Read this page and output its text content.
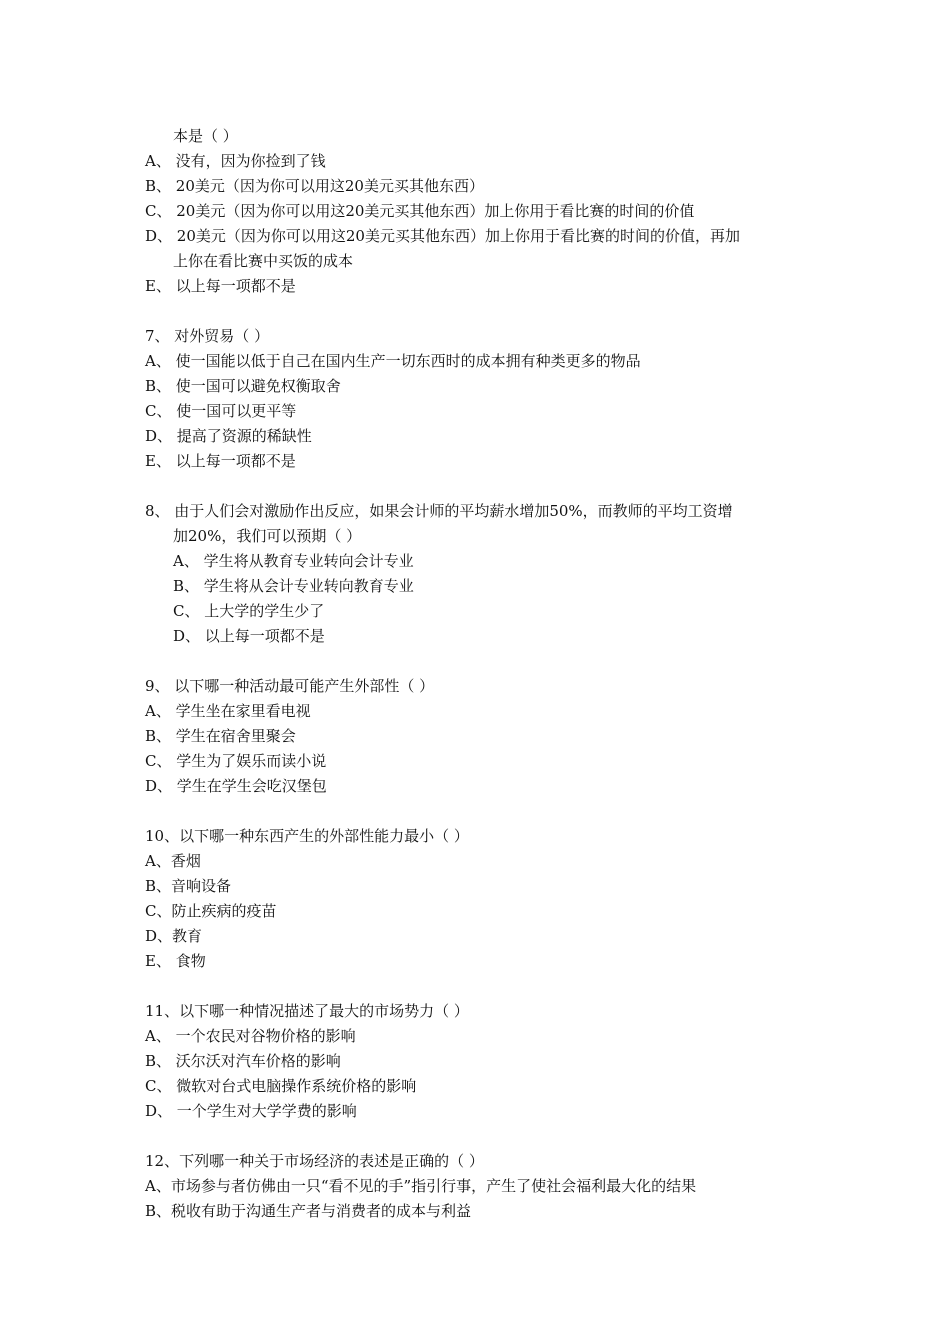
本是（ ）
A、 没有，因为你捡到了钱
B、 20美元（因为你可以用这20美元买其他东西）
C、 20美元（因为你可以用这20美元买其他东西）加上你用于看比赛的时间的价值
D、 20美元（因为你可以用这20美元买其他东西）加上你用于看比赛的时间的价值，再加
上你在看比赛中买饭的成本
E、 以上每一项都不是
7、 对外贸易（ ）
A、 使一国能以低于自己在国内生产一切东西时的成本拥有种类更多的物品
B、 使一国可以避免权衡取舍
C、 使一国可以更平等
D、 提高了资源的稀缺性
E、 以上每一项都不是
8、 由于人们会对激励作出反应，如果会计师的平均薪水增加50%，而教师的平均工资增
加20%，我们可以预期（ ）
A、 学生将从教育专业转向会计专业
B、 学生将从会计专业转向教育专业
C、 上大学的学生少了
D、 以上每一项都不是
9、 以下哪一种活动最可能产生外部性（ ）
A、 学生坐在家里看电视
B、 学生在宿舍里聚会
C、 学生为了娱乐而读小说
D、 学生在学生会吃汉堡包
10、以下哪一种东西产生的外部性能力最小（ ）
A、香烟
B、音响设备
C、防止疾病的疫苗
D、教育
E、 食物
11、以下哪一种情况描述了最大的市场势力（ ）
A、 一个农民对谷物价格的影响
B、 沃尔沃对汽车价格的影响
C、 微软对台式电脑操作系统价格的影响
D、 一个学生对大学学费的影响
12、下列哪一种关于市场经济的表述是正确的（ ）
A、市场参与者仿佛由一只“看不见的手”指引行事，产生了使社会福利最大化的结果
B、税收有助于沟通生产者与消费者的成本与利益
